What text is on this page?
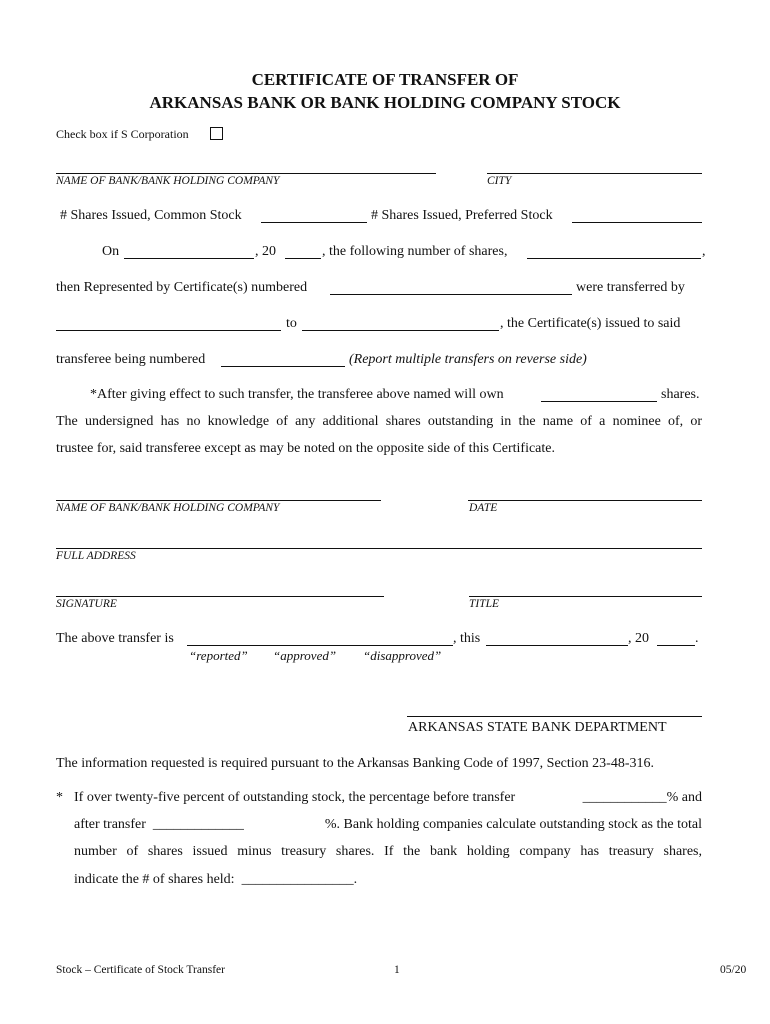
CERTIFICATE OF TRANSFER OF
ARKANSAS BANK OR BANK HOLDING COMPANY STOCK
Check box if S Corporation
NAME OF BANK/BANK HOLDING COMPANY	CITY
# Shares Issued, Common Stock	# Shares Issued, Preferred Stock
On	, 20	, the following number of shares,	,
then Represented by Certificate(s) numbered	were transferred by
to	, the Certificate(s) issued to said
transferee being numbered	(Report multiple transfers on reverse side)
*After giving effect to such transfer, the transferee above named will own	shares.
The undersigned has no knowledge of any additional shares outstanding in the name of a nominee of, or
trustee for, said transferee except as may be noted on the opposite side of this Certificate.
NAME OF BANK/BANK HOLDING COMPANY	DATE
FULL ADDRESS
SIGNATURE	TITLE
The above transfer is	, this	, 20	.
“reported” “approved” “disapproved”
ARKANSAS STATE BANK DEPARTMENT
The information requested is required pursuant to the Arkansas Banking Code of 1997, Section 23-48-316.
* If over twenty-five percent of outstanding stock, the percentage before transfer	____________% and
after transfer _____________	%. Bank holding companies calculate outstanding stock as the total
number of shares issued minus treasury shares. If the bank holding company has treasury shares,
indicate the # of shares held: ________________.
Stock – Certificate of Stock Transfer	1	05/20
